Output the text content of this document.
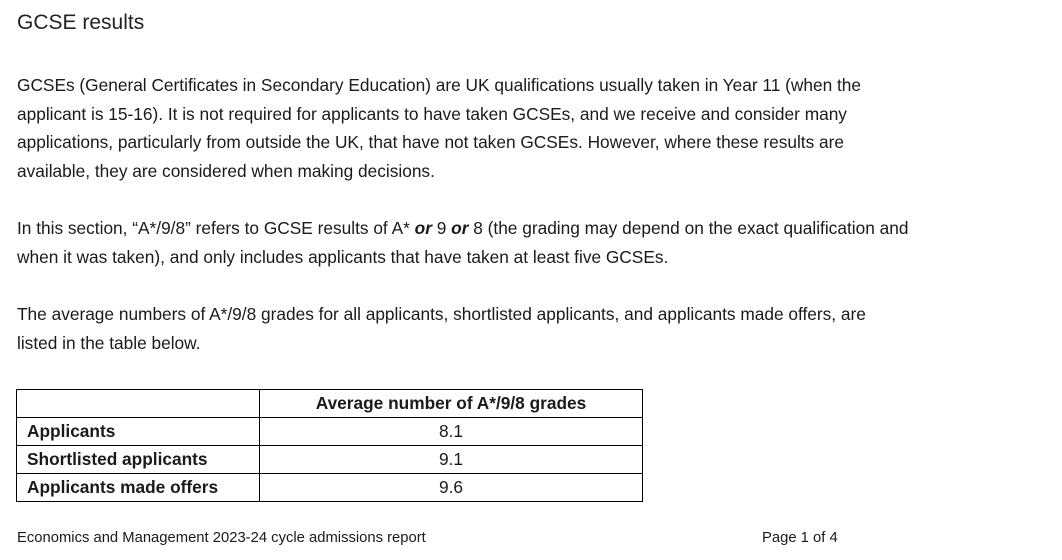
GCSE results

GCSEs (General Certificates in Secondary Education) are UK qualifications usually taken in Year 11 (when the
applicant is 15-16). It is not required for applicants to have taken GCSEs, and we receive and consider many
applications, particularly from outside the UK, that have not taken GCSEs. However, where these results are
available, they are considered when making decisions.

In this section, “A*/9/8” refers to GCSE results of A* or 9 or 8 (the grading may depend on the exact qualification and
when it was taken), and only includes applicants that have taken at least five GCSEs.

The average numbers of A*/9/8 grades for all applicants, shortlisted applicants, and applicants made offers, are
listed in the table below.

	Average number of A*/9/8 grades
Applicants	8.1
Shortlisted applicants	9.1
Applicants made offers	9.6

Economics and Management 2023-24 cycle admissions report	Page 1 of 4
